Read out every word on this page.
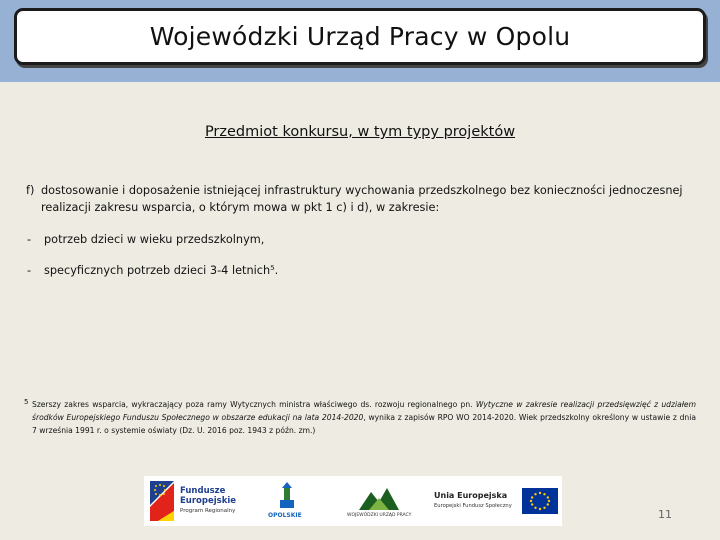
Wojewódzki Urząd Pracy w Opolu
Przedmiot konkursu, w tym typy projektów
f) dostosowanie i doposażenie istniejącej infrastruktury wychowania przedszkolnego bez konieczności jednoczesnej realizacji zakresu wsparcia, o którym mowa w pkt 1 c) i d), w zakresie:
- potrzeb dzieci w wieku przedszkolnym,
- specyficznych potrzeb dzieci 3-4 letnich⁵.
5 Szerszy zakres wsparcia, wykraczający poza ramy Wytycznych ministra właściwego ds. rozwoju regionalnego pn. Wytyczne w zakresie realizacji przedsięwzięć z udziałem środków Europejskiego Funduszu Społecznego w obszarze edukacji na lata 2014-2020, wynika z zapisów RPO WO 2014-2020. Wiek przedszkolny określony w ustawie z dnia 7 września 1991 r. o systemie oświaty (Dz. U. 2016 poz. 1943 z późn. zm.)
Fundusze
Europejskie
Program Regionalny
OPOLSKIE	WOJEWÓDZKI URZĄD PRACY
Unia Europejska
Europejski Fundusz Społeczny
11
